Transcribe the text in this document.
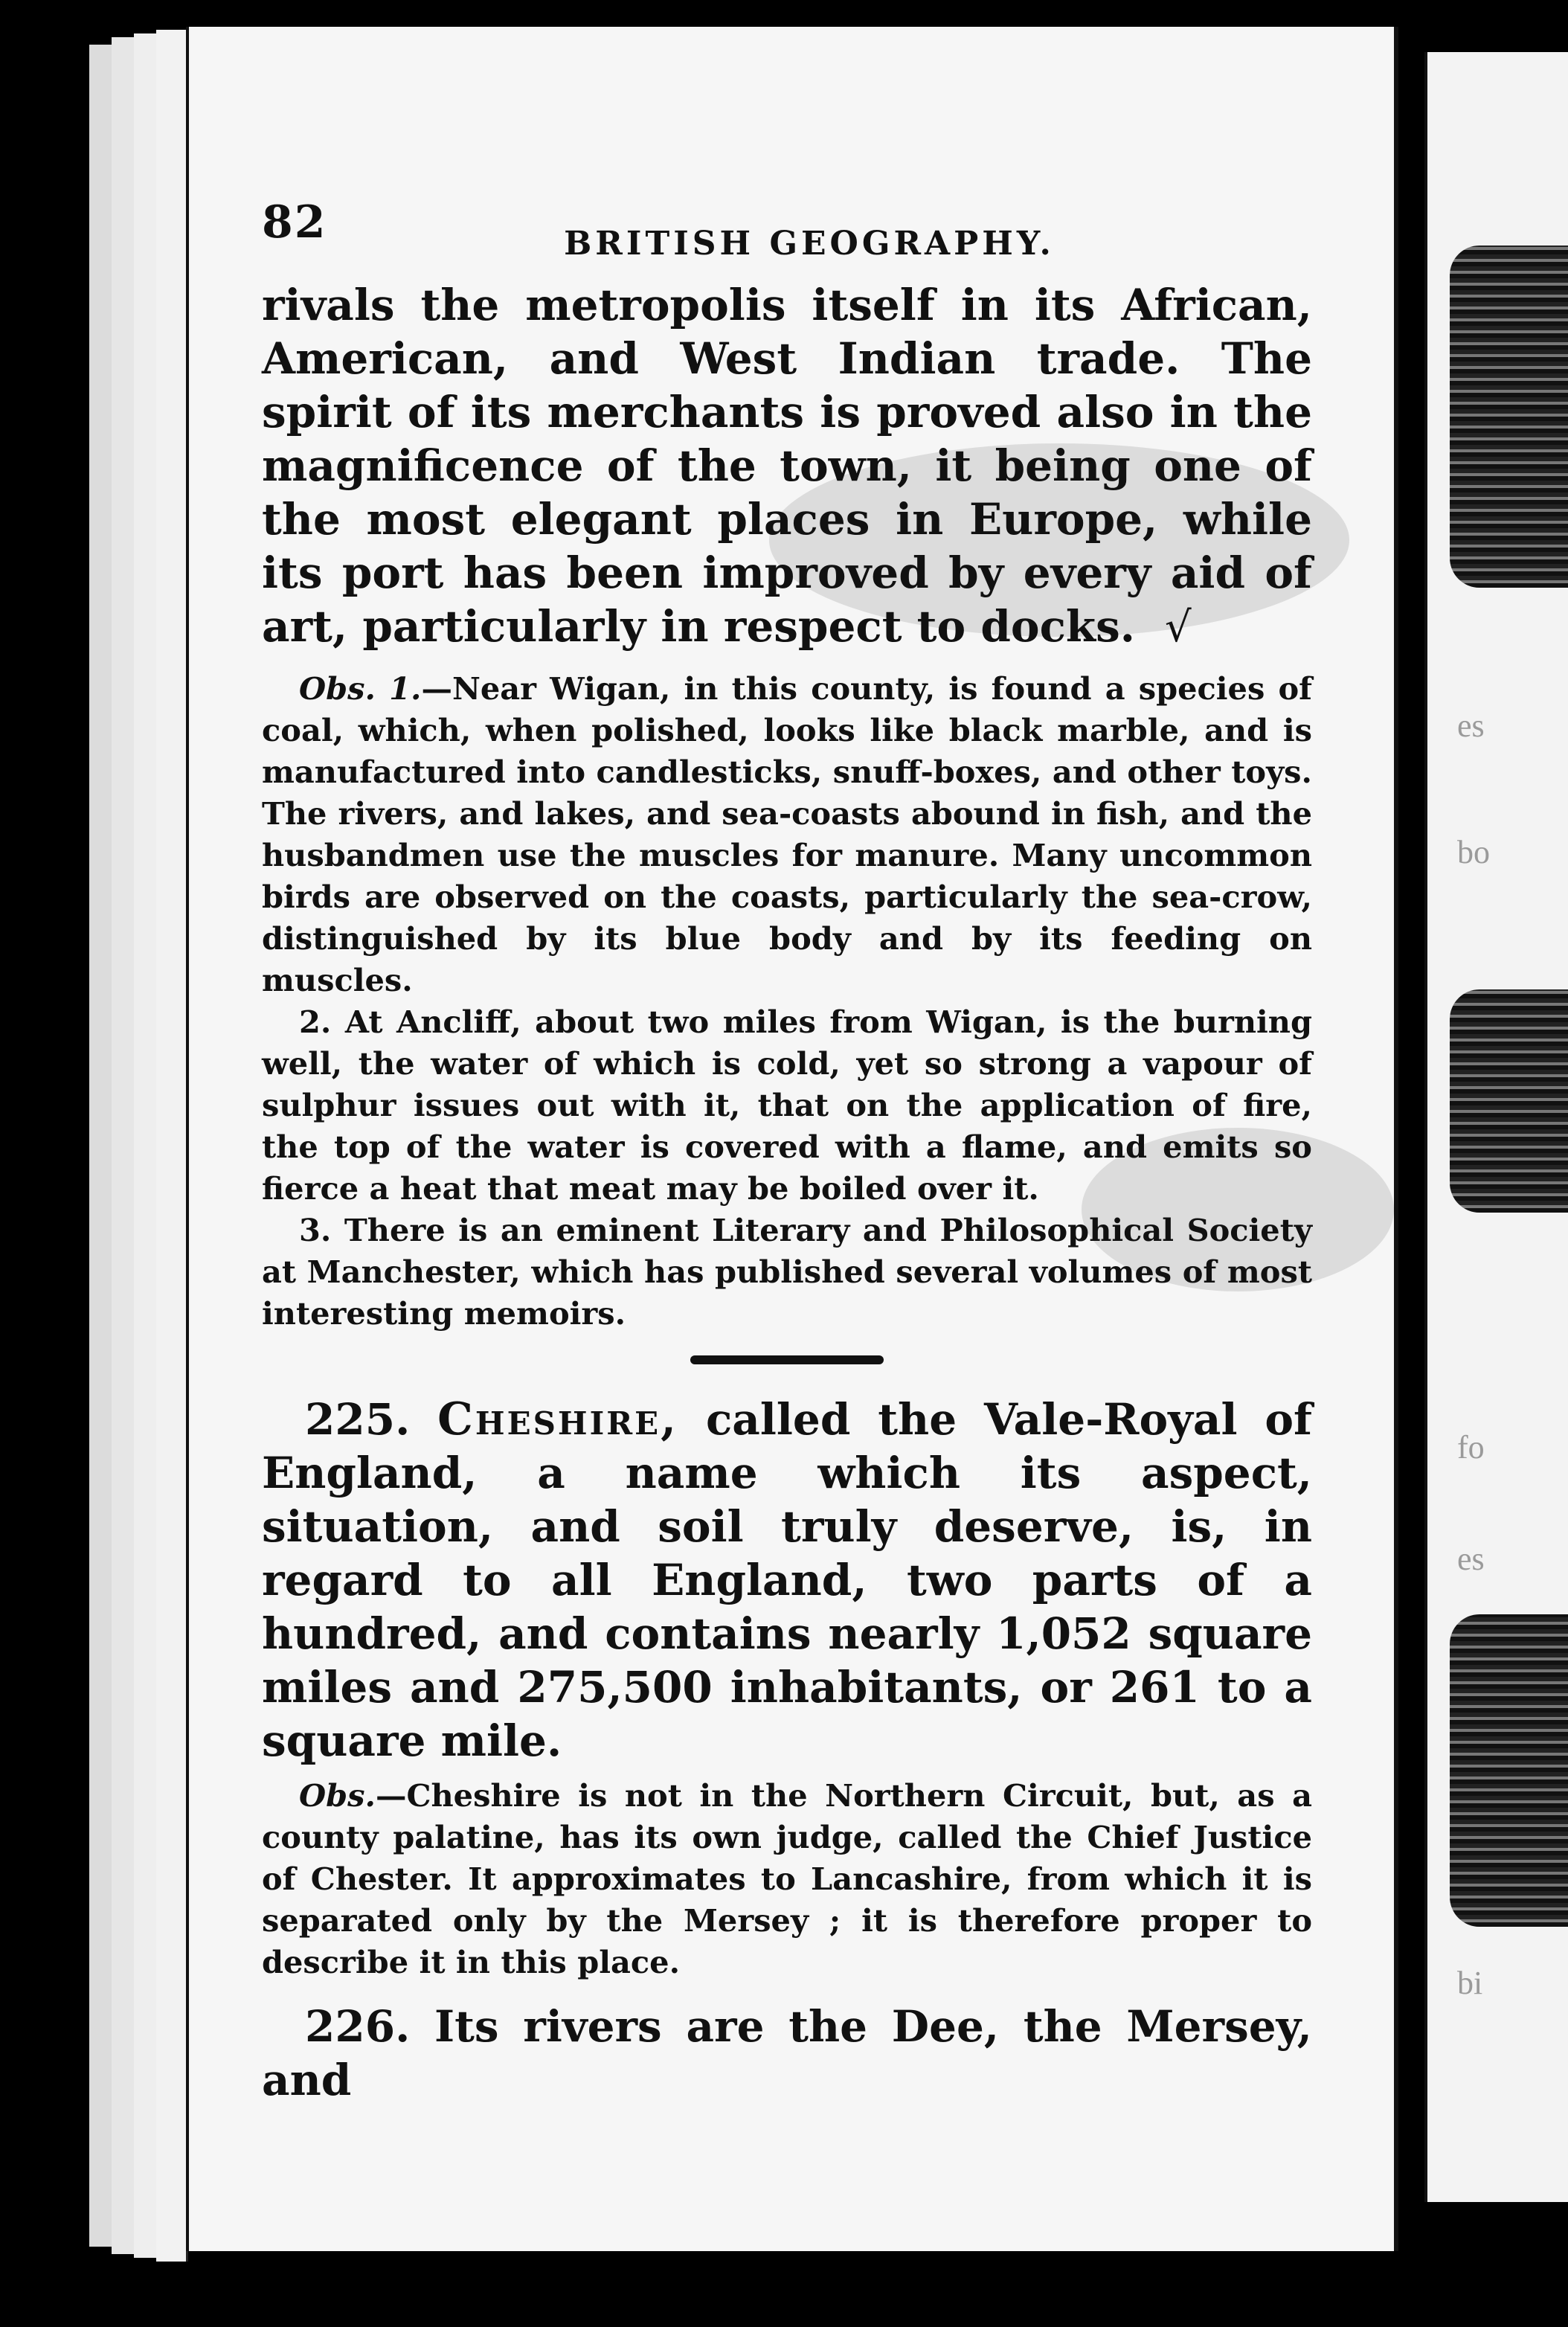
es
bo
fo
es
bi
82	BRITISH GEOGRAPHY.

rivals the metropolis itself in its African, American, and West Indian trade. The spirit of its merchants is proved also in the magnificence of the town, it being one of the most elegant places in Europe, while its port has been improved by every aid of art, particularly in respect to docks. √

Obs. 1.—Near Wigan, in this county, is found a species of coal, which, when polished, looks like black marble, and is manufactured into candlesticks, snuff-boxes, and other toys. The rivers, and lakes, and sea-coasts abound in fish, and the husbandmen use the muscles for manure. Many uncommon birds are observed on the coasts, particularly the sea-crow, distinguished by its blue body and by its feeding on muscles.

2. At Ancliff, about two miles from Wigan, is the burning well, the water of which is cold, yet so strong a vapour of sulphur issues out with it, that on the application of fire, the top of the water is covered with a flame, and emits so fierce a heat that meat may be boiled over it.

3. There is an eminent Literary and Philosophical Society at Manchester, which has published several volumes of most interesting memoirs.

225. Cheshire, called the Vale-Royal of England, a name which its aspect, situation, and soil truly deserve, is, in regard to all England, two parts of a hundred, and contains nearly 1,052 square miles and 275,500 inhabitants, or 261 to a square mile.

Obs.—Cheshire is not in the Northern Circuit, but, as a county palatine, has its own judge, called the Chief Justice of Chester. It approximates to Lancashire, from which it is separated only by the Mersey ; it is therefore proper to describe it in this place.

226. Its rivers are the Dee, the Mersey, and
